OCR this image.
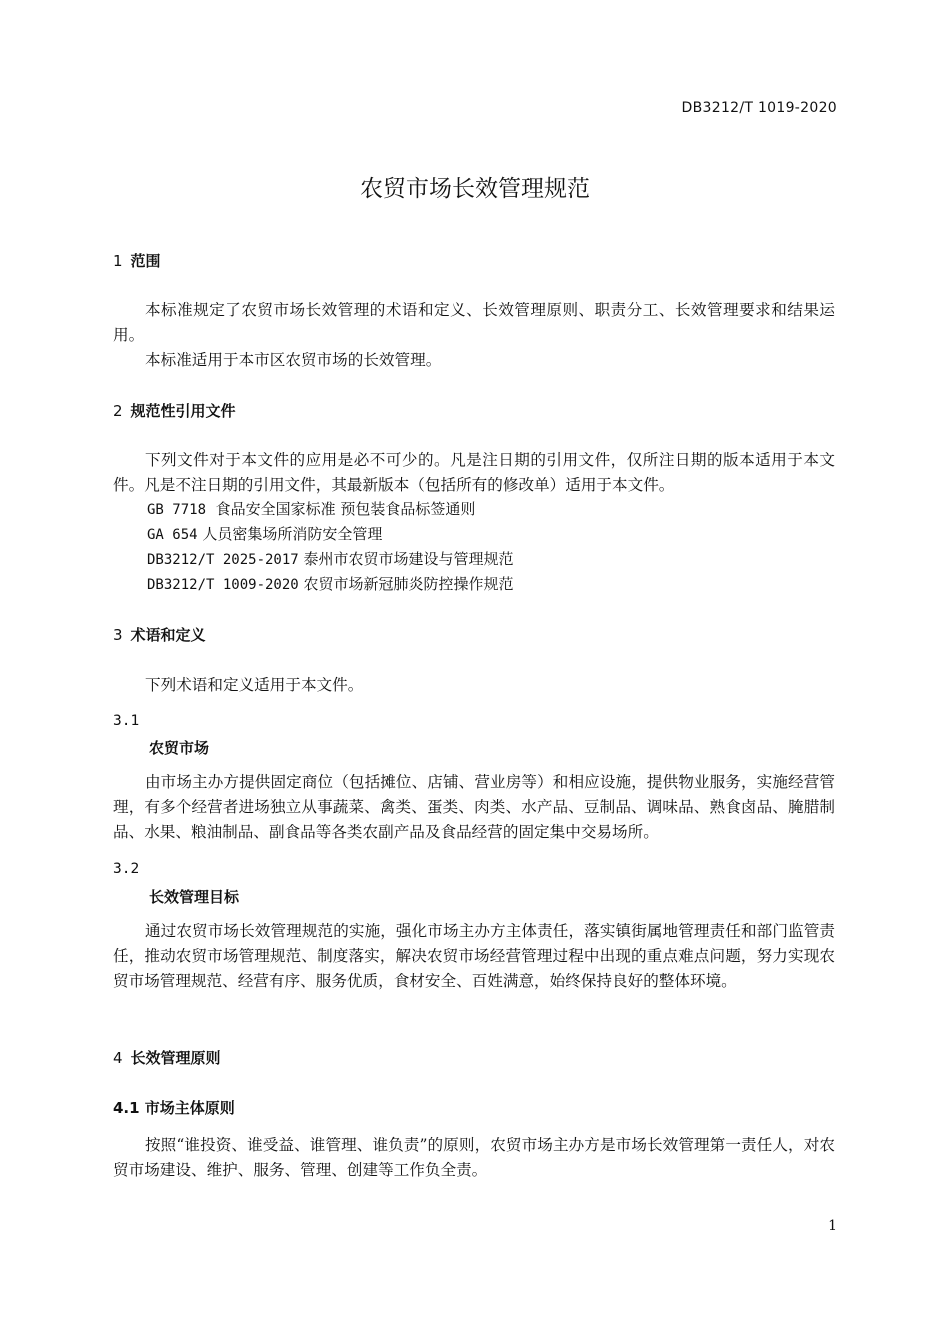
DB3212/T 1019-2020
农贸市场长效管理规范
1 范围
本标准规定了农贸市场长效管理的术语和定义、长效管理原则、职责分工、长效管理要求和结果运用。
本标准适用于本市区农贸市场的长效管理。
2 规范性引用文件
下列文件对于本文件的应用是必不可少的。凡是注日期的引用文件，仅所注日期的版本适用于本文件。凡是不注日期的引用文件，其最新版本（包括所有的修改单）适用于本文件。
GB 7718 食品安全国家标准 预包装食品标签通则
GA 654 人员密集场所消防安全管理
DB3212/T 2025-2017 泰州市农贸市场建设与管理规范
DB3212/T 1009-2020 农贸市场新冠肺炎防控操作规范
3 术语和定义
下列术语和定义适用于本文件。
3.1
农贸市场
由市场主办方提供固定商位（包括摊位、店铺、营业房等）和相应设施，提供物业服务，实施经营管理，有多个经营者进场独立从事蔬菜、禽类、蛋类、肉类、水产品、豆制品、调味品、熟食卤品、腌腊制品、水果、粮油制品、副食品等各类农副产品及食品经营的固定集中交易场所。
3.2
长效管理目标
通过农贸市场长效管理规范的实施，强化市场主办方主体责任，落实镇街属地管理责任和部门监管责任，推动农贸市场管理规范、制度落实，解决农贸市场经营管理过程中出现的重点难点问题，努力实现农贸市场管理规范、经营有序、服务优质，食材安全、百姓满意，始终保持良好的整体环境。
4 长效管理原则
4.1 市场主体原则
按照“谁投资、谁受益、谁管理、谁负责”的原则，农贸市场主办方是市场长效管理第一责任人，对农贸市场建设、维护、服务、管理、创建等工作负全责。
1
